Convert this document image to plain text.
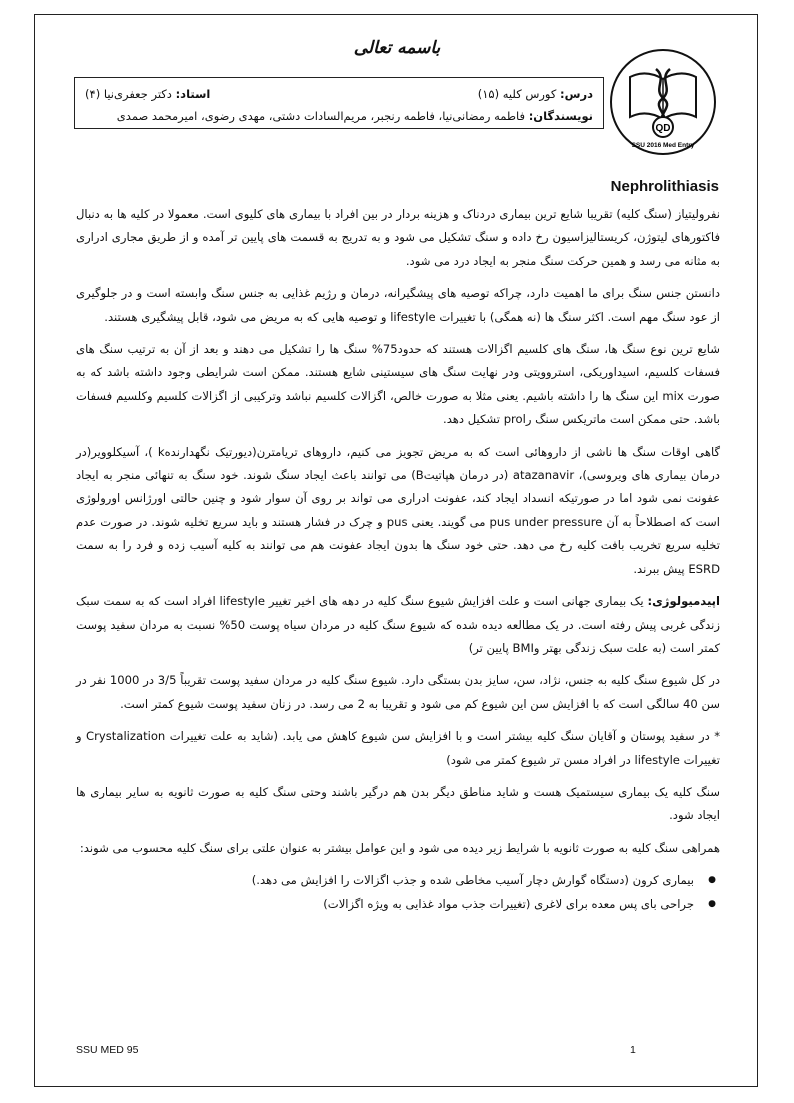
باسمه تعالی
درس: کورس کلیه (۱۵)
استاد: دکتر جعفری‌نیا (۴)
نویسندگان: فاطمه رمضانی‌نیا، فاطمه رنجبر، مریم‌السادات دشتی، مهدی رضوی، امیرمحمد صمدی
QD
SSU 2016 Med Entry
Nephrolithiasis

نفرولیتیاز (سنگ کلیه) تقریبا شایع ترین بیماری دردناک و هزینه بردار در بین افراد با بیماری های کلیوی است. معمولا در کلیه ها به دنبال فاکتورهای لیتوژن، کریستالیزاسیون رخ داده و سنگ تشکیل می شود و به تدریج به قسمت های پایین تر آمده و از طریق مجاری ادراری به مثانه می رسد و همین حرکت سنگ منجر به ایجاد درد می شود.

دانستن جنس سنگ برای ما اهمیت دارد، چراکه توصیه های پیشگیرانه، درمان و رژیم غذایی به جنس سنگ وابسته است و در جلوگیری از عود سنگ مهم است. اکثر سنگ ها (نه همگی) با تغییرات lifestyle و توصیه هایی که به مریض می شود، قابل پیشگیری هستند.

شایع ترین نوع سنگ ها، سنگ های کلسیم اگزالات هستند که حدود75% سنگ ها را تشکیل می دهند و بعد از آن به ترتیب سنگ های فسفات کلسیم، اسیداوریکی، استروویتی ودر نهایت سنگ های سیستینی شایع هستند. ممکن است شرایطی وجود داشته باشد که به صورت mix این سنگ ها را داشته باشیم. یعنی مثلا به صورت خالص، اگزالات کلسیم نباشد وترکیبی از اگزالات کلسیم وکلسیم فسفات باشد. حتی ممکن است ماتریکس سنگ راpro تشکیل دهد.

گاهی اوقات سنگ ها ناشی از داروهائی است که به مریض تجویز می کنیم، داروهای تریامترن(دیورتیک نگهدارندهk )، آسیکلوویر(در درمان بیماری های ویروسی)، atazanavir (در درمان هپاتیتB) می توانند باعث ایجاد سنگ شوند. خود سنگ به تنهائی منجر به ایجاد عفونت نمی شود اما در صورتیکه انسداد ایجاد کند، عفونت ادراری می تواند بر روی آن سوار شود و چنین حالتی اورژانس اورولوژی است که اصطلاحاً به آن pus under pressure می گویند. یعنی pus و چرک در فشار هستند و باید سریع تخلیه شوند. در صورت عدم تخلیه سریع تخریب بافت کلیه رخ می دهد. حتی خود سنگ ها بدون ایجاد عفونت هم می توانند به کلیه آسیب زده و فرد را به سمت ESRD پیش ببرند.

اپیدمیولوژی: یک بیماری جهانی است و علت افزایش شیوع سنگ کلیه در دهه های اخیر تغییر lifestyle افراد است که به سمت سبک زندگی غربی پیش رفته است. در یک مطالعه دیده شده که شیوع سنگ کلیه در مردان سیاه پوست 50% نسبت به مردان سفید پوست کمتر است (به علت سبک زندگی بهتر وBMI پایین تر)

در کل شیوع سنگ کلیه به جنس، نژاد، سن، سایز بدن بستگی دارد. شیوع سنگ کلیه در مردان سفید پوست تقریباً 3/5 در 1000 نفر در سن 40 سالگی است که با افزایش سن این شیوع کم می شود و تقریبا به 2 می رسد. در زنان سفید پوست شیوع کمتر است.

* در سفید پوستان و آقایان سنگ کلیه بیشتر است و با افزایش سن شیوع کاهش می یابد. (شاید به علت تغییرات Crystalization و تغییرات lifestyle در افراد مسن تر شیوع کمتر می شود)

سنگ کلیه یک بیماری سیستمیک هست و شاید مناطق دیگر بدن هم درگیر باشند وحتی سنگ کلیه به صورت ثانویه به سایر بیماری ها ایجاد شود.

همراهی سنگ کلیه به صورت ثانویه با شرایط زیر دیده می شود و این عوامل بیشتر به عنوان علتی برای سنگ کلیه محسوب می شوند:

● بیماری کرون (دستگاه گوارش دچار آسیب مخاطی شده و جذب اگزالات را افزایش می دهد.)
● جراحی بای پس معده برای لاغری (تغییرات جذب مواد غذایی به ویژه اگزالات)
SSU MED 95	1
